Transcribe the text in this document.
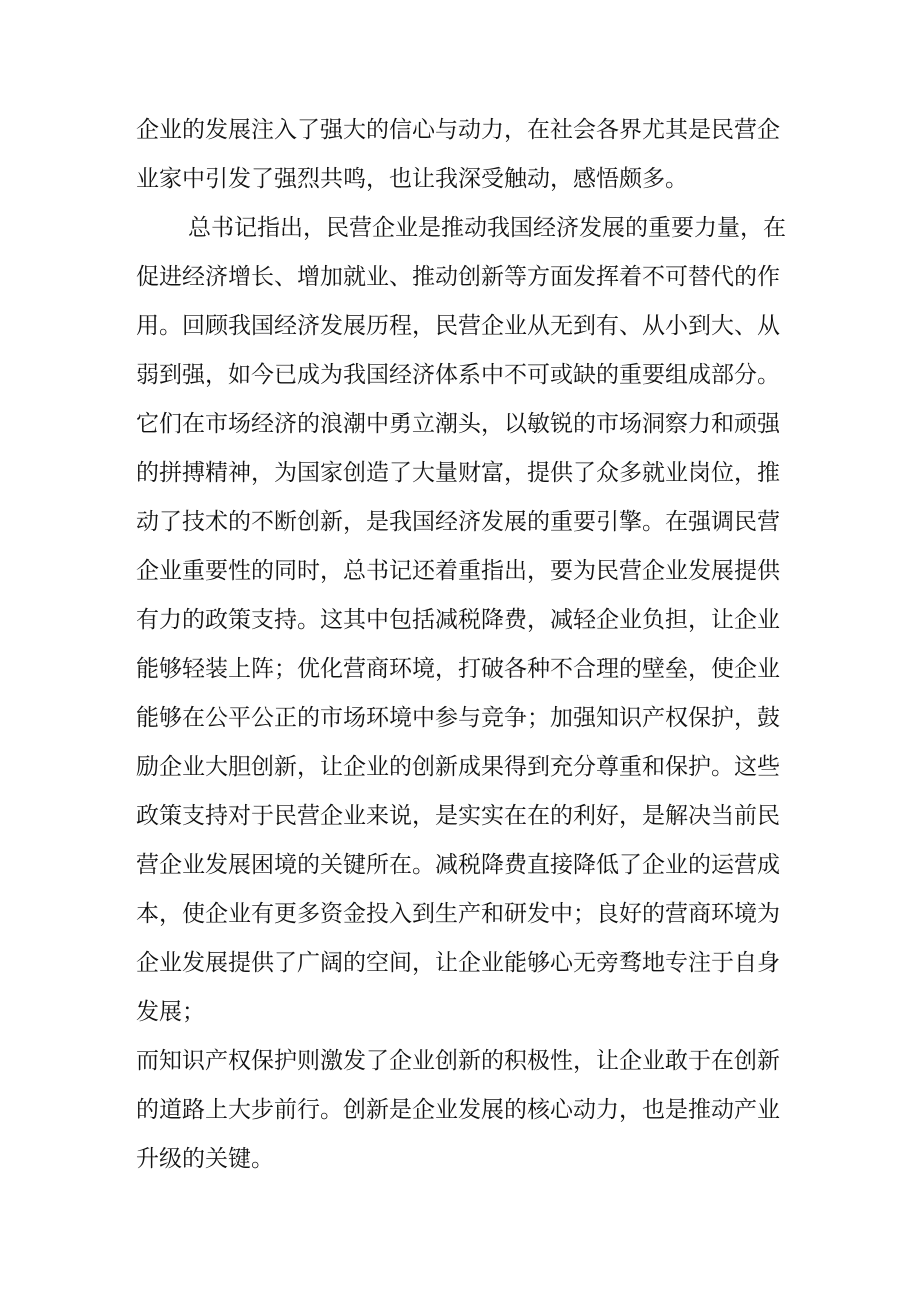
企业的发展注入了强大的信心与动力，在社会各界尤其是民营企
业家中引发了强烈共鸣，也让我深受触动，感悟颇多。
总书记指出，民营企业是推动我国经济发展的重要力量，在
促进经济增长、增加就业、推动创新等方面发挥着不可替代的作
用。回顾我国经济发展历程，民营企业从无到有、从小到大、从
弱到强，如今已成为我国经济体系中不可或缺的重要组成部分。
它们在市场经济的浪潮中勇立潮头，以敏锐的市场洞察力和顽强
的拼搏精神，为国家创造了大量财富，提供了众多就业岗位，推
动了技术的不断创新，是我国经济发展的重要引擎。在强调民营
企业重要性的同时，总书记还着重指出，要为民营企业发展提供
有力的政策支持。这其中包括减税降费，减轻企业负担，让企业
能够轻装上阵；优化营商环境，打破各种不合理的壁垒，使企业
能够在公平公正的市场环境中参与竞争；加强知识产权保护，鼓
励企业大胆创新，让企业的创新成果得到充分尊重和保护。这些
政策支持对于民营企业来说，是实实在在的利好，是解决当前民
营企业发展困境的关键所在。减税降费直接降低了企业的运营成
本，使企业有更多资金投入到生产和研发中；良好的营商环境为
企业发展提供了广阔的空间，让企业能够心无旁骛地专注于自身
发展；
而知识产权保护则激发了企业创新的积极性，让企业敢于在创新
的道路上大步前行。创新是企业发展的核心动力，也是推动产业
升级的关键。
